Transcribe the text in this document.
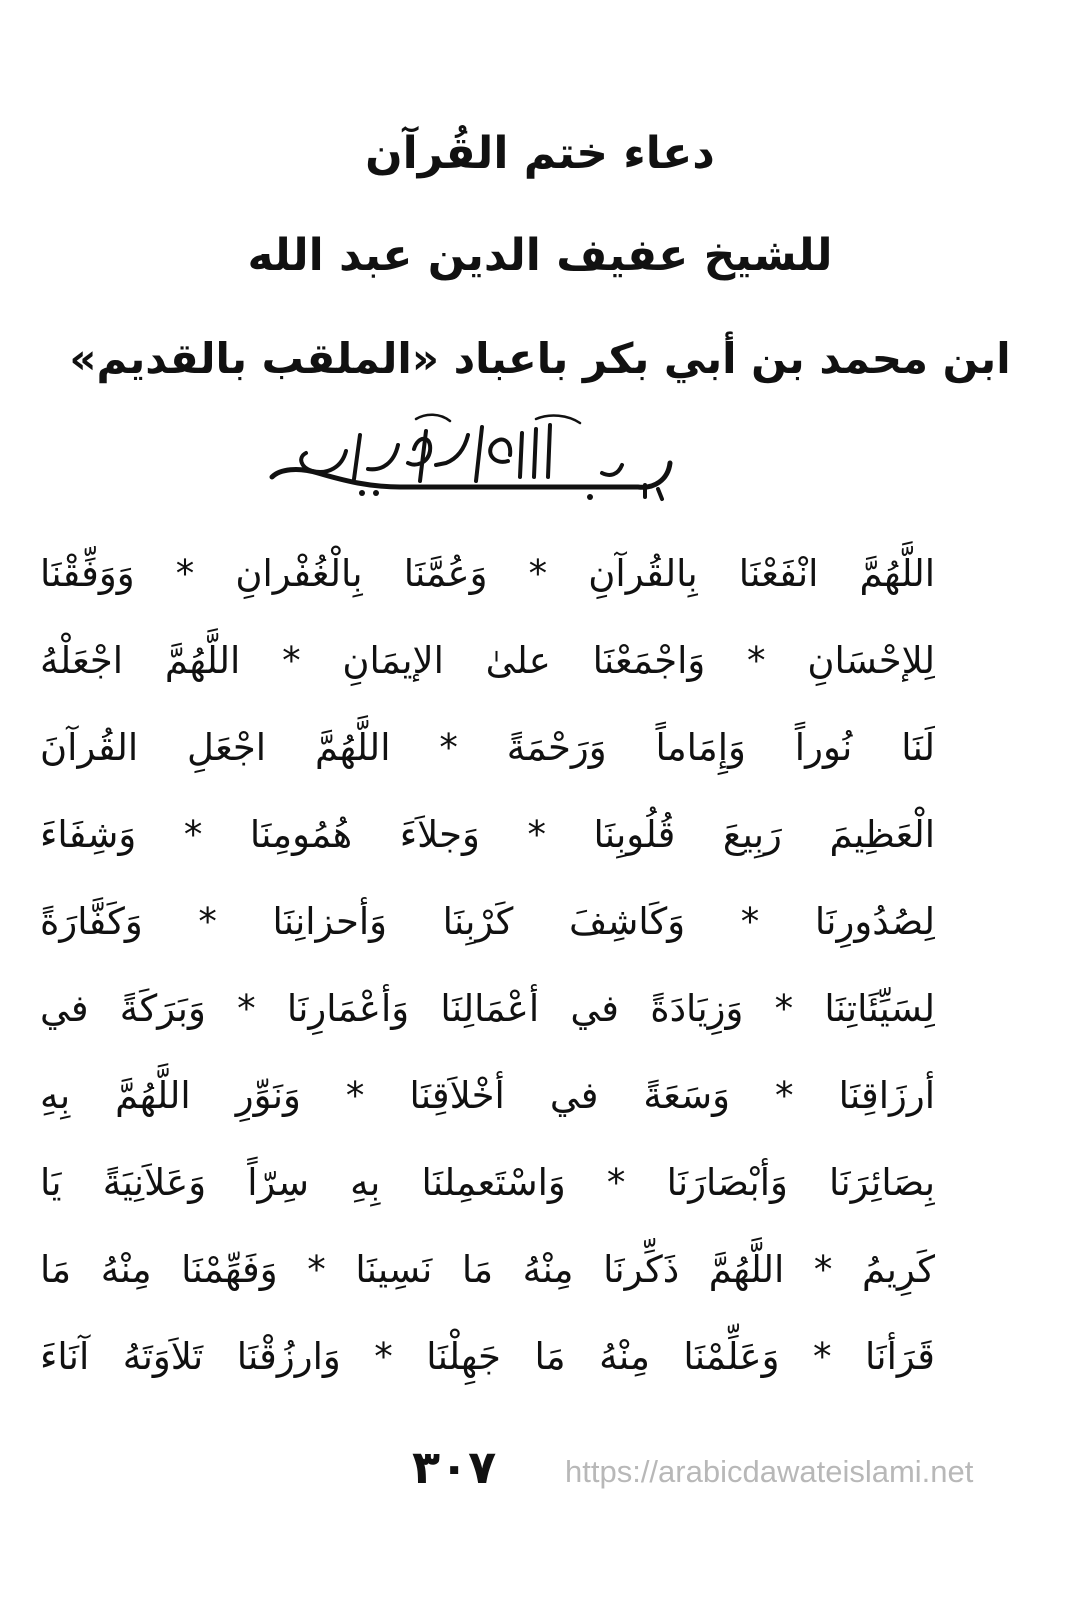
دعاء ختم القُرآن
للشيخ عفيف الدين عبد الله
ابن محمد بن أبي بكر باعباد «الملقب بالقديم»
اللَّهُمَّ انْفَعْنَا بِالقُرآنِ * وَعُمَّنَا بِالْغُفْرانِ * وَوَفِّقْنَا
لِلإحْسَانِ * وَاجْمَعْنَا علىٰ الإيمَانِ * اللَّهُمَّ اجْعَلْهُ
لَنَا نُوراً وَإِمَاماً وَرَحْمَةً * اللَّهُمَّ اجْعَلِ القُرآنَ
الْعَظِيمَ رَبِيعَ قُلُوبِنَا * وَجلاَءَ هُمُومِنَا * وَشِفَاءَ
لِصُدُورِنَا * وَكَاشِفَ كَرْبِنَا وَأحزانِنَا * وَكَفَّارَةً
لِسَيِّئَاتِنَا * وَزِيَادَةً في أعْمَالِنَا وَأعْمَارِنَا * وَبَرَكَةً في
أرزَاقِنَا * وَسَعَةً في أخْلاَقِنَا * وَنَوِّرِ اللَّهُمَّ بِهِ
بِصَائِرَنَا وَأبْصَارَنَا * وَاسْتَعمِلنَا بِهِ سِرّاً وَعَلاَنِيَةً يَا
كَرِيمُ * اللَّهُمَّ ذَكِّرنَا مِنْهُ مَا نَسِينَا * وَفَهِّمْنَا مِنْهُ مَا
قَرَأنَا * وَعَلِّمْنَا مِنْهُ مَا جَهِلْنَا * وَارزُقْنَا تَلاَوَتَهُ آنَاءَ
٣٠٧ https://arabicdawateislami.net
